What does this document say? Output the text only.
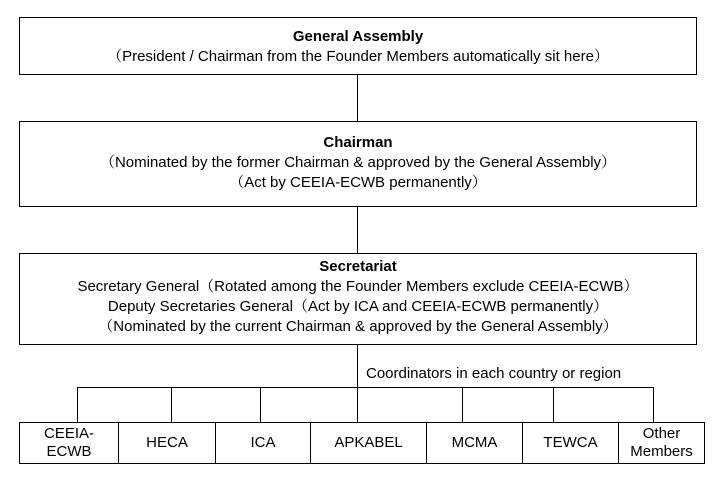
General Assembly
（President / Chairman from the Founder Members automatically sit here）
Chairman
（Nominated by the former Chairman & approved by the General Assembly）
（Act by CEEIA-ECWB permanently）
Secretariat
Secretary General（Rotated among the Founder Members exclude CEEIA-ECWB）
Deputy Secretaries General（Act by ICA and CEEIA-ECWB permanently）
（Nominated by the current Chairman & approved by the General Assembly）
Coordinators in each country or region
CEEIA-
ECWB
HECA	ICA	APKABEL	MCMA	TEWCA
Other
Members
